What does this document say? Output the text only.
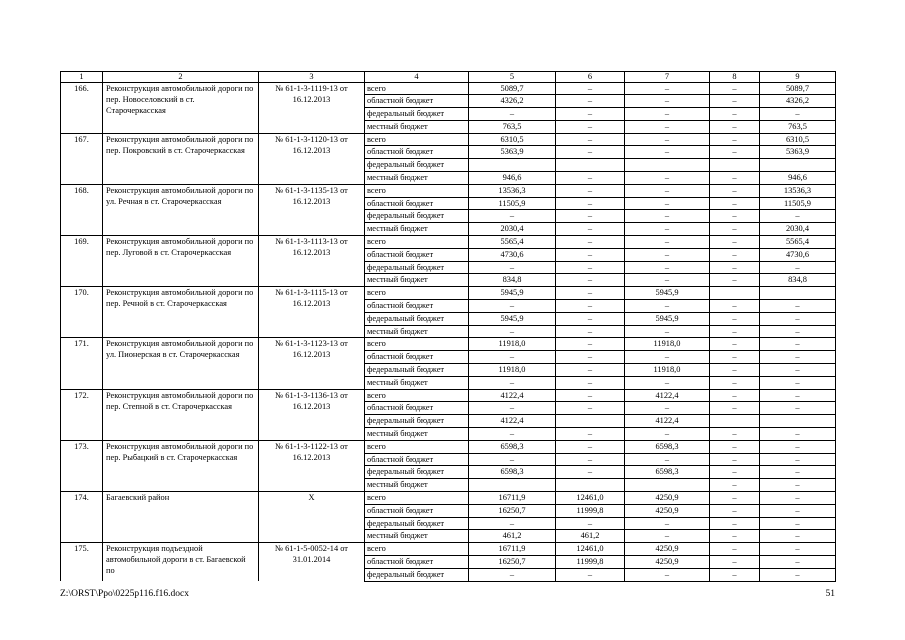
1	2	3	4	5	6	7	8	9
166.	Реконструкция автомобильной дороги по пер. Новоселовский в ст. Старочеркасская	№ 61-1-3-1119-13 от 16.12.2013	всего	5089,7	–	–	–	5089,7
			областной бюджет	4326,2	–	–	–	4326,2
			федеральный бюджет	–	–	–	–	–
			местный бюджет	763,5	–	–	–	763,5
167.	Реконструкция автомобильной дороги по пер. Покровский в ст. Старочеркасская	№ 61-1-3-1120-13 от 16.12.2013	всего	6310,5	–	–	–	6310,5
			областной бюджет	5363,9	–	–	–	5363,9
			федеральный бюджет					
			местный бюджет	946,6	–	–	–	946,6
168.	Реконструкция автомобильной дороги по ул. Речная в ст. Старочеркасская	№ 61-1-3-1135-13 от 16.12.2013	всего	13536,3	–	–	–	13536,3
			областной бюджет	11505,9	–	–	–	11505,9
			федеральный бюджет	–	–	–	–	–
			местный бюджет	2030,4	–	–	–	2030,4
169.	Реконструкция автомобильной дороги по пер. Луговой в ст. Старочеркасская	№ 61-1-3-1113-13 от 16.12.2013	всего	5565,4	–	–	–	5565,4
			областной бюджет	4730,6	–	–	–	4730,6
			федеральный бюджет	–	–	–	–	–
			местный бюджет	834,8	–	–	–	834,8
170.	Реконструкция автомобильной дороги по пер. Речной в ст. Старочеркасская	№ 61-1-3-1115-13 от 16.12.2013	всего	5945,9	–	5945,9		
			областной бюджет	–	–	–	–	–
			федеральный бюджет	5945,9	–	5945,9	–	–
			местный бюджет	–	–	–	–	–
171.	Реконструкция автомобильной дороги по ул. Пионерская в ст. Старочеркасская	№ 61-1-3-1123-13 от 16.12.2013	всего	11918,0	–	11918,0	–	–
			областной бюджет	–	–	–	–	–
			федеральный бюджет	11918,0	–	11918,0	–	–
			местный бюджет	–	–	–	–	–
172.	Реконструкция автомобильной дороги по пер. Степной в ст. Старочеркасская	№ 61-1-3-1136-13 от 16.12.2013	всего	4122,4	–	4122,4	–	–
			областной бюджет	–	–	–	–	–
			федеральный бюджет	4122,4		4122,4		
			местный бюджет	–	–	–	–	–
173.	Реконструкция автомобильной дороги по пер. Рыбацкий в ст. Старочеркасская	№ 61-1-3-1122-13 от 16.12.2013	всего	6598,3	–	6598,3	–	–
			областной бюджет	–	–	–	–	–
			федеральный бюджет	6598,3	–	6598,3	–	–
			местный бюджет				–	–
174.	Багаевский район	Х	всего	16711,9	12461,0	4250,9	–	–
			областной бюджет	16250,7	11999,8	4250,9	–	–
			федеральный бюджет	–	–	–	–	–
			местный бюджет	461,2	461,2	–	–	–
175.	Реконструкция подъездной автомобильной дороги в ст. Багаевской по	№ 61-1-5-0052-14 от 31.01.2014	всего	16711,9	12461,0	4250,9	–	–
			областной бюджет	16250,7	11999,8	4250,9	–	–
			федеральный бюджет	–	–	–	–	–
Z:\ORST\Ppo\0225p116.f16.docx	51
